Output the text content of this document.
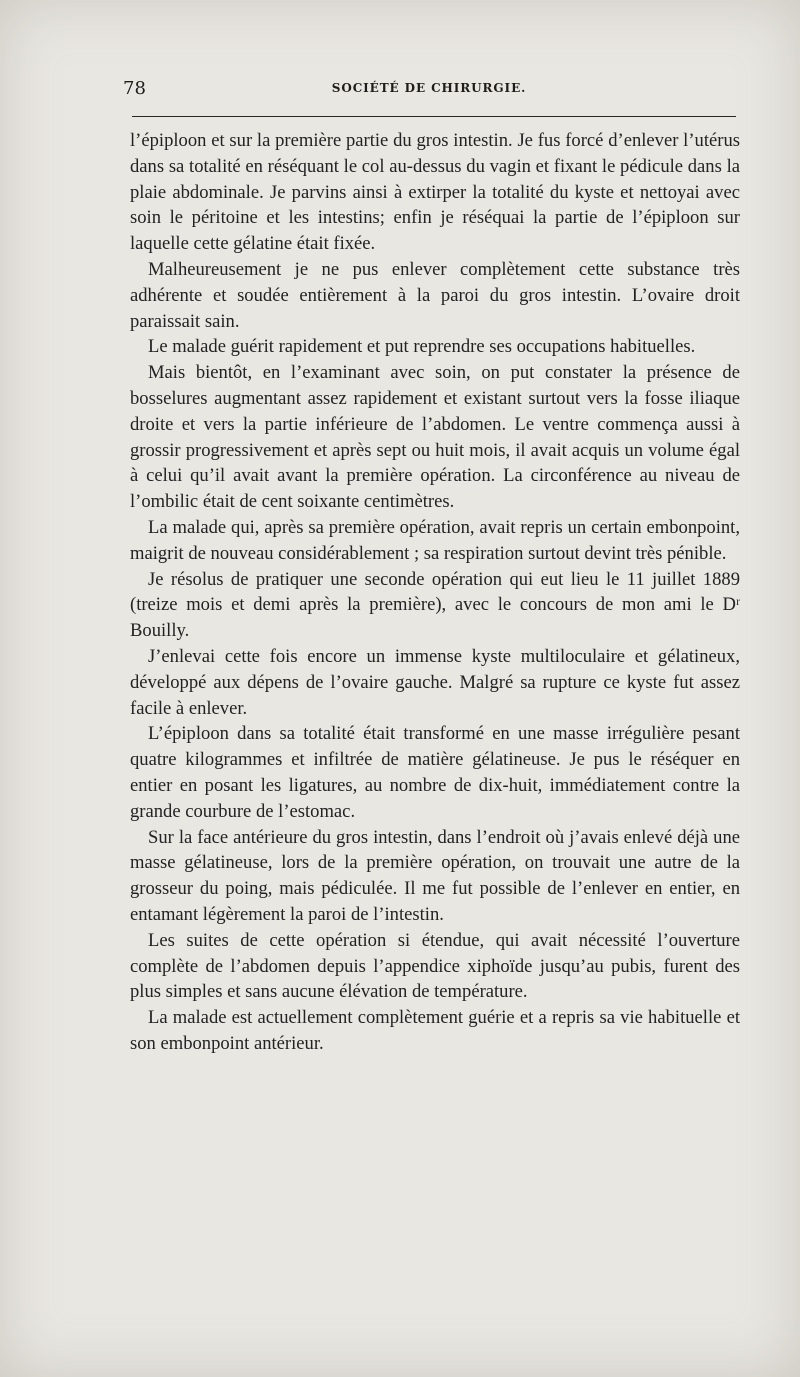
78	SOCIÉTÉ DE CHIRURGIE.

l’épiploon et sur la première partie du gros intestin. Je fus forcé d’enlever l’utérus dans sa totalité en réséquant le col au-dessus du vagin et fixant le pédicule dans la plaie abdominale. Je parvins ainsi à extirper la totalité du kyste et nettoyai avec soin le péritoine et les intestins; enfin je réséquai la partie de l’épiploon sur laquelle cette gélatine était fixée.

Malheureusement je ne pus enlever complètement cette substance très adhérente et soudée entièrement à la paroi du gros intestin. L’ovaire droit paraissait sain.

Le malade guérit rapidement et put reprendre ses occupations habituelles.

Mais bientôt, en l’examinant avec soin, on put constater la présence de bosselures augmentant assez rapidement et existant surtout vers la fosse iliaque droite et vers la partie inférieure de l’abdomen. Le ventre commença aussi à grossir progressivement et après sept ou huit mois, il avait acquis un volume égal à celui qu’il avait avant la première opération. La circonférence au niveau de l’ombilic était de cent soixante centimètres.

La malade qui, après sa première opération, avait repris un certain embonpoint, maigrit de nouveau considérablement ; sa respiration surtout devint très pénible.

Je résolus de pratiquer une seconde opération qui eut lieu le 11 juillet 1889 (treize mois et demi après la première), avec le concours de mon ami le Dʳ Bouilly.

J’enlevai cette fois encore un immense kyste multiloculaire et gélatineux, développé aux dépens de l’ovaire gauche. Malgré sa rupture ce kyste fut assez facile à enlever.

L’épiploon dans sa totalité était transformé en une masse irrégulière pesant quatre kilogrammes et infiltrée de matière gélatineuse. Je pus le réséquer en entier en posant les ligatures, au nombre de dix-huit, immédiatement contre la grande courbure de l’estomac.

Sur la face antérieure du gros intestin, dans l’endroit où j’avais enlevé déjà une masse gélatineuse, lors de la première opération, on trouvait une autre de la grosseur du poing, mais pédiculée. Il me fut possible de l’enlever en entier, en entamant légèrement la paroi de l’intestin.

Les suites de cette opération si étendue, qui avait nécessité l’ouverture complète de l’abdomen depuis l’appendice xiphoïde jusqu’au pubis, furent des plus simples et sans aucune élévation de température.

La malade est actuellement complètement guérie et a repris sa vie habituelle et son embonpoint antérieur.
